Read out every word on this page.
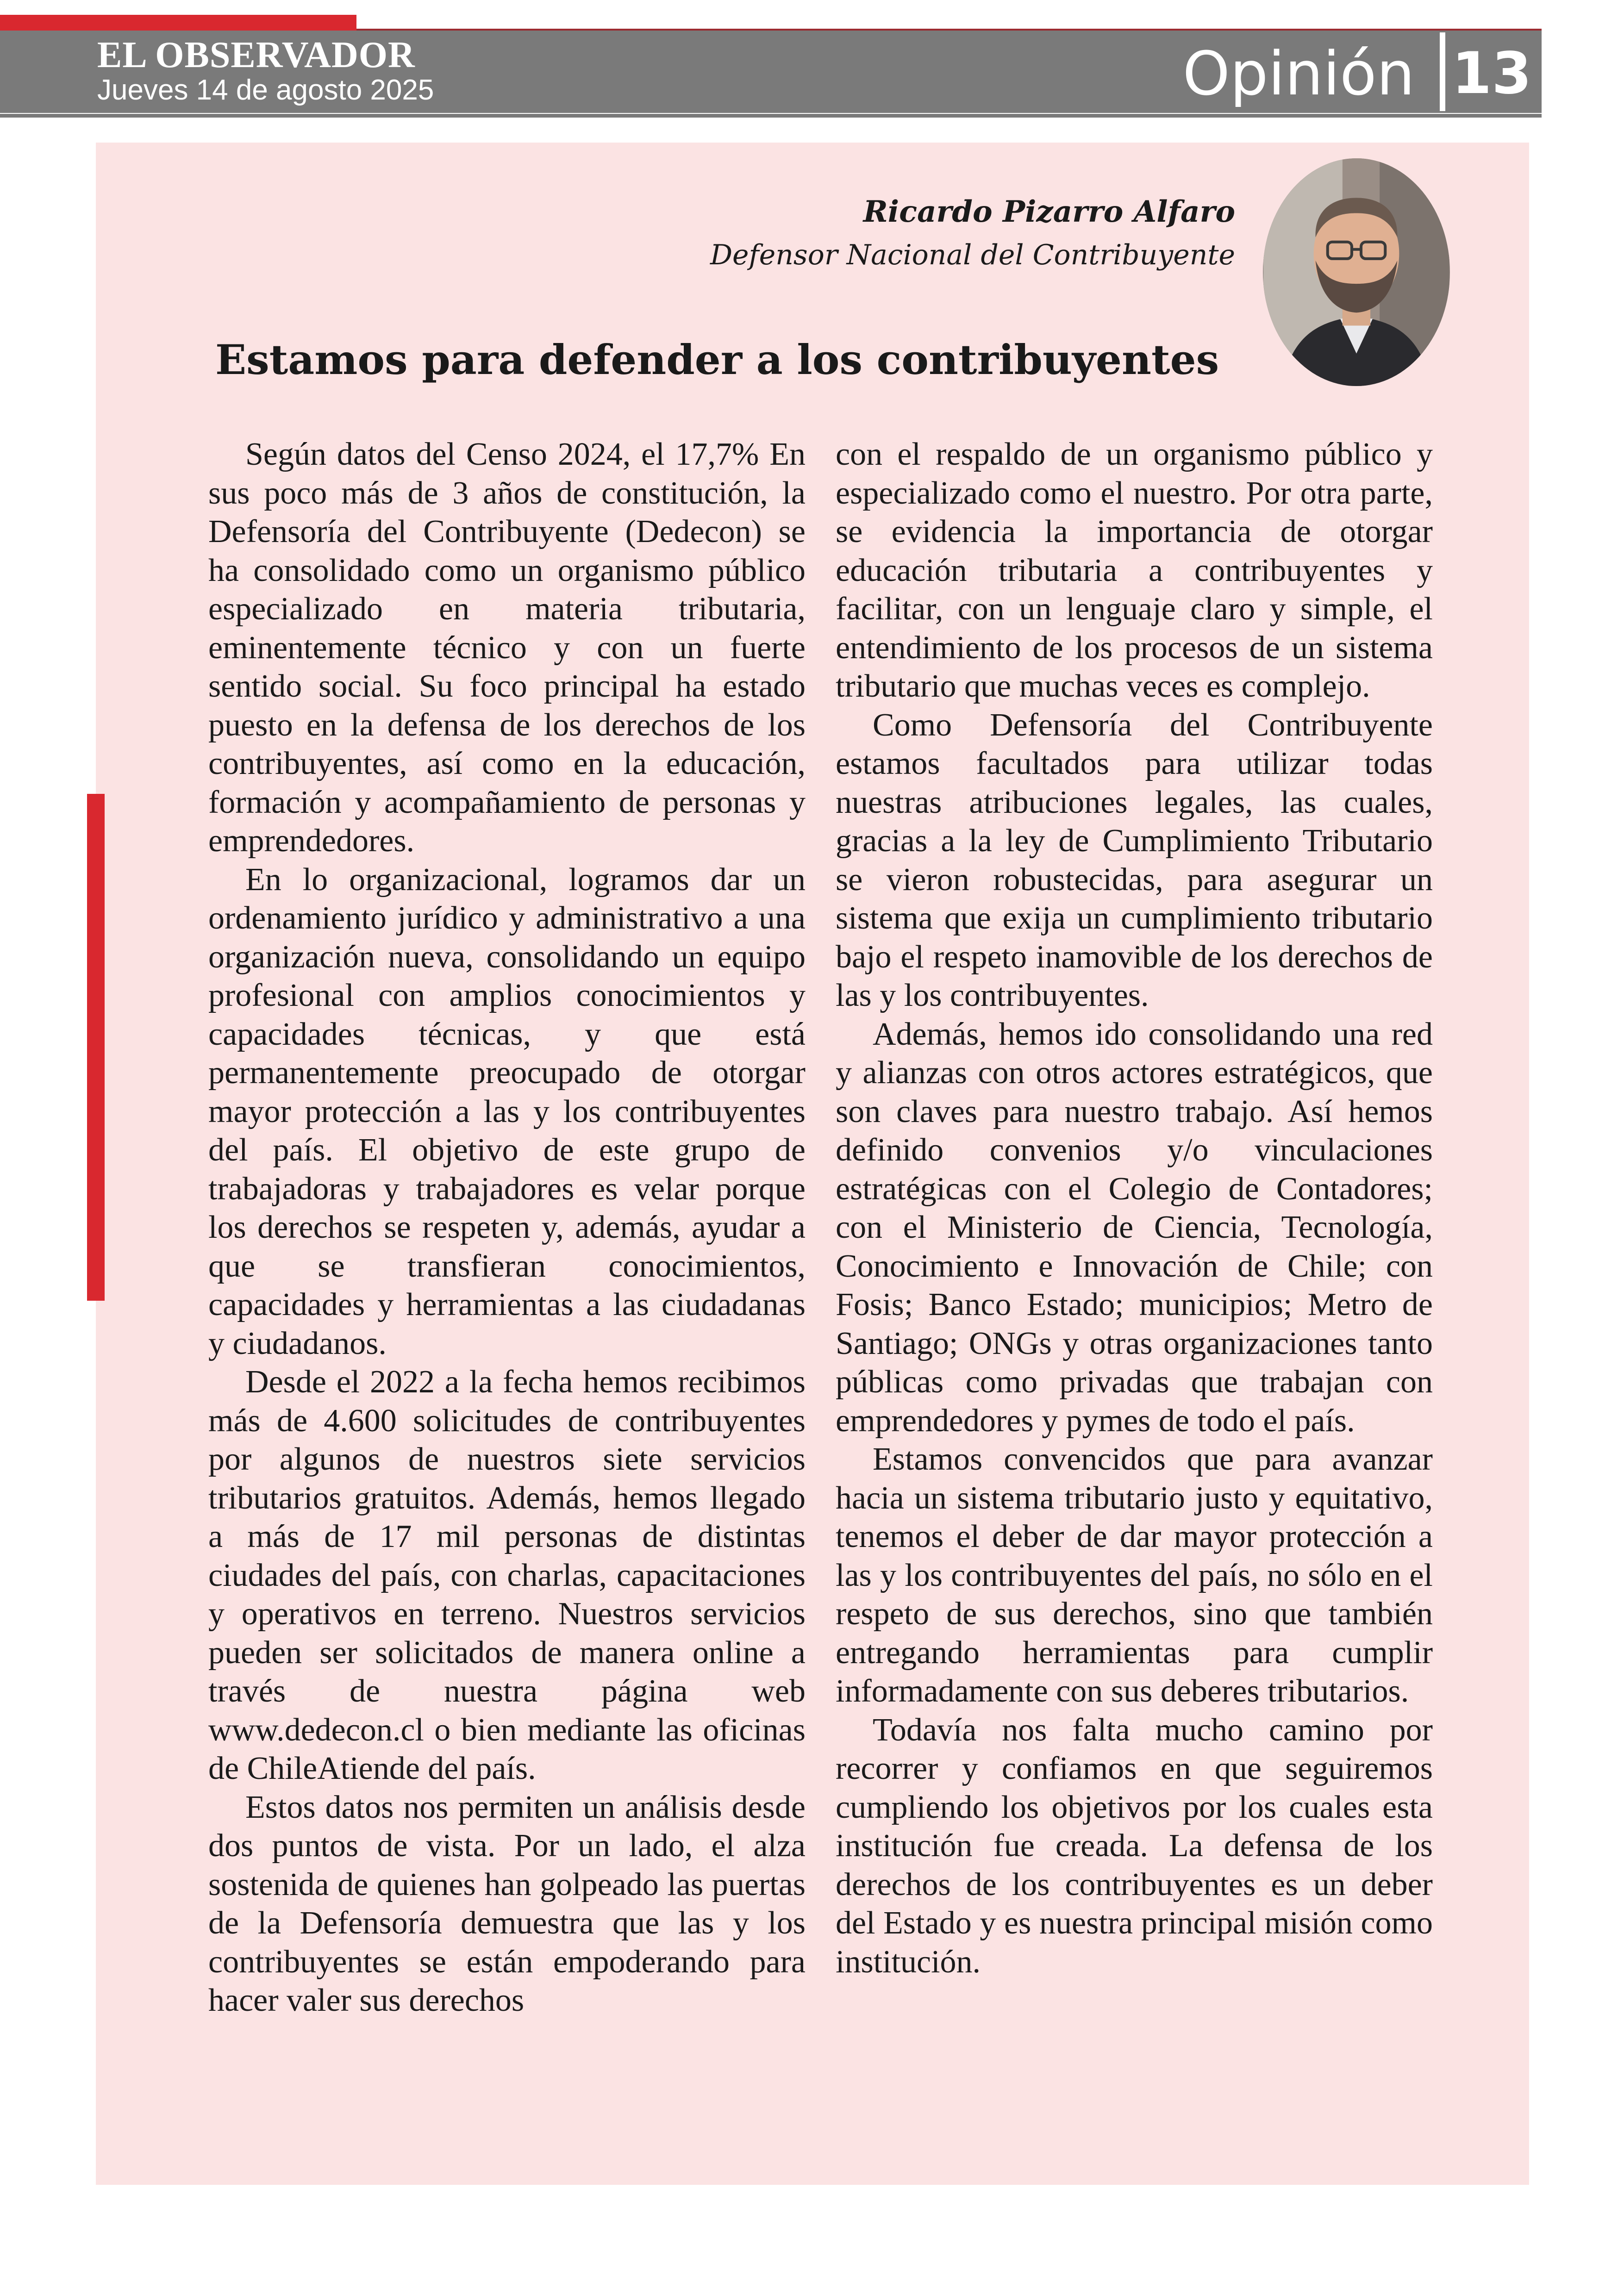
EL OBSERVADOR
Jueves 14 de agosto 2025	Opinión 13
Ricardo Pizarro Alfaro
Defensor Nacional del Contribuyente
Estamos para defender a los contribuyentes

Según datos del Censo 2024, el 17,7% En sus poco más de 3 años de constitución, la Defensoría del Contribuyente (Dedecon) se ha consolidado como un organismo público especializado en materia tributaria, eminentemente técnico y con un fuerte sentido social. Su foco principal ha estado puesto en la defensa de los derechos de los contribuyentes, así como en la educación, formación y acompañamiento de personas y emprendedores.

En lo organizacional, logramos dar un ordenamiento jurídico y administrativo a una organización nueva, consolidando un equipo profesional con amplios conocimientos y capacidades técnicas, y que está permanentemente preocupado de otorgar mayor protección a las y los contribuyentes del país. El objetivo de este grupo de trabajadoras y trabajadores es velar porque los derechos se respeten y, además, ayudar a que se transfieran conocimientos, capacidades y herramientas a las ciudadanas y ciudadanos.

Desde el 2022 a la fecha hemos recibimos más de 4.600 solicitudes de contribuyentes por algunos de nuestros siete servicios tributarios gratuitos. Además, hemos llegado a más de 17 mil personas de distintas ciudades del país, con charlas, capacitaciones y operativos en terreno. Nuestros servicios pueden ser solicitados de manera online a través de nuestra página web www.dedecon.cl o bien mediante las oficinas de ChileAtiende del país.

Estos datos nos permiten un análisis desde dos puntos de vista. Por un lado, el alza sostenida de quienes han golpeado las puertas de la Defensoría demuestra que las y los contribuyentes se están empoderando para hacer valer sus derechos

con el respaldo de un organismo público y especializado como el nuestro. Por otra parte, se evidencia la importancia de otorgar educación tributaria a contribuyentes y facilitar, con un lenguaje claro y simple, el entendimiento de los procesos de un sistema tributario que muchas veces es complejo.

Como Defensoría del Contribuyente estamos facultados para utilizar todas nuestras atribuciones legales, las cuales, gracias a la ley de Cumplimiento Tributario se vieron robustecidas, para asegurar un sistema que exija un cumplimiento tributario bajo el respeto inamovible de los derechos de las y los contribuyentes.

Además, hemos ido consolidando una red y alianzas con otros actores estratégicos, que son claves para nuestro trabajo. Así hemos definido convenios y/o vinculaciones estratégicas con el Colegio de Contadores; con el Ministerio de Ciencia, Tecnología, Conocimiento e Innovación de Chile; con Fosis; Banco Estado; municipios; Metro de Santiago; ONGs y otras organizaciones tanto públicas como privadas que trabajan con emprendedores y pymes de todo el país.

Estamos convencidos que para avanzar hacia un sistema tributario justo y equitativo, tenemos el deber de dar mayor protección a las y los contribuyentes del país, no sólo en el respeto de sus derechos, sino que también entregando herramientas para cumplir informadamente con sus deberes tributarios.

Todavía nos falta mucho camino por recorrer y confiamos en que seguiremos cumpliendo los objetivos por los cuales esta institución fue creada. La defensa de los derechos de los contribuyentes es un deber del Estado y es nuestra principal misión como institución.
